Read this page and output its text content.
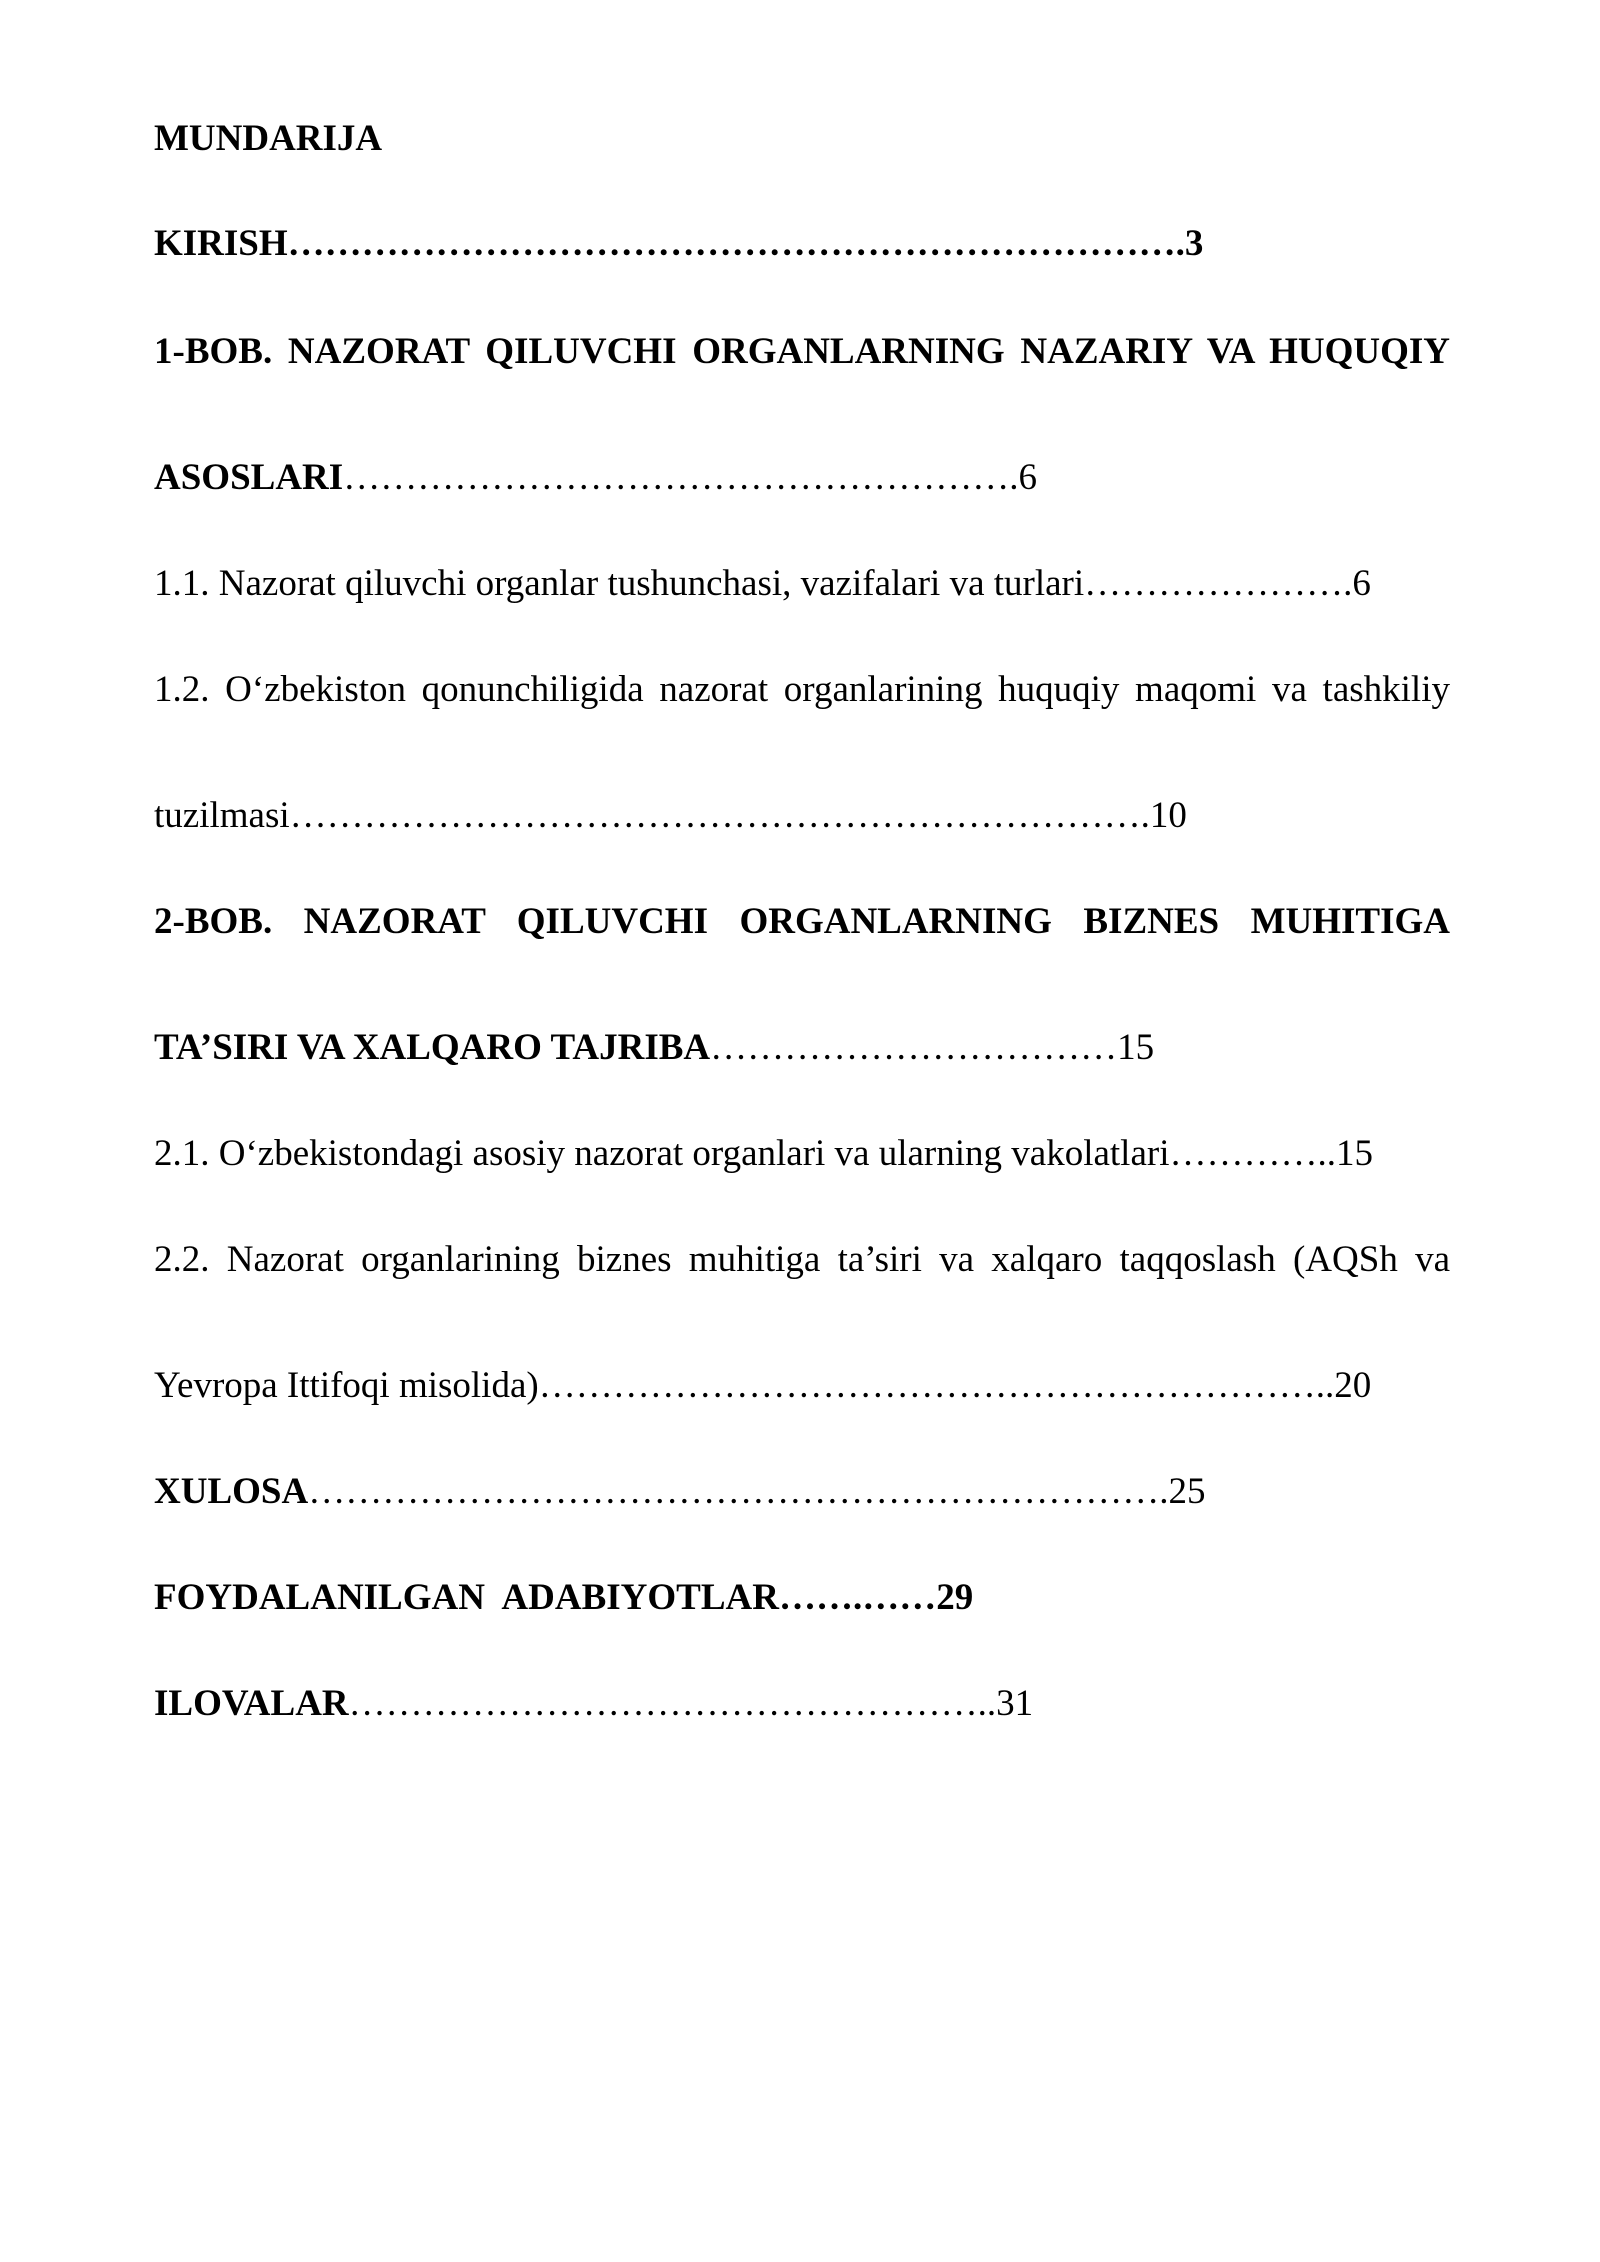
MUNDARIJA
KIRISH……………………………………………………………….3
1-BOB. NAZORAT QILUVCHI ORGANLARNING NAZARIY VA HUQUQIY
ASOSLARI……………………………………………….6
1.1. Nazorat qiluvchi organlar tushunchasi, vazifalari va turlari………………….6
1.2. O‘zbekiston qonunchiligida nazorat organlarining huquqiy maqomi va tashkiliy
tuzilmasi…………………………………………………………….10
2-BOB. NAZORAT QILUVCHI ORGANLARNING BIZNES MUHITIGA
TA’SIRI VA XALQARO TAJRIBA……………………………15
2.1. O‘zbekistondagi asosiy nazorat organlari va ularning vakolatlari…………..15
2.2. Nazorat organlarining biznes muhitiga ta’siri va xalqaro taqqoslash (AQSh va
Yevropa Ittifoqi misolida)………………………………………………………..20
XULOSA…………………………………………………………….25
FOYDALANILGAN  ADABIYOTLAR…….……29
ILOVALAR……………………………………………..31
